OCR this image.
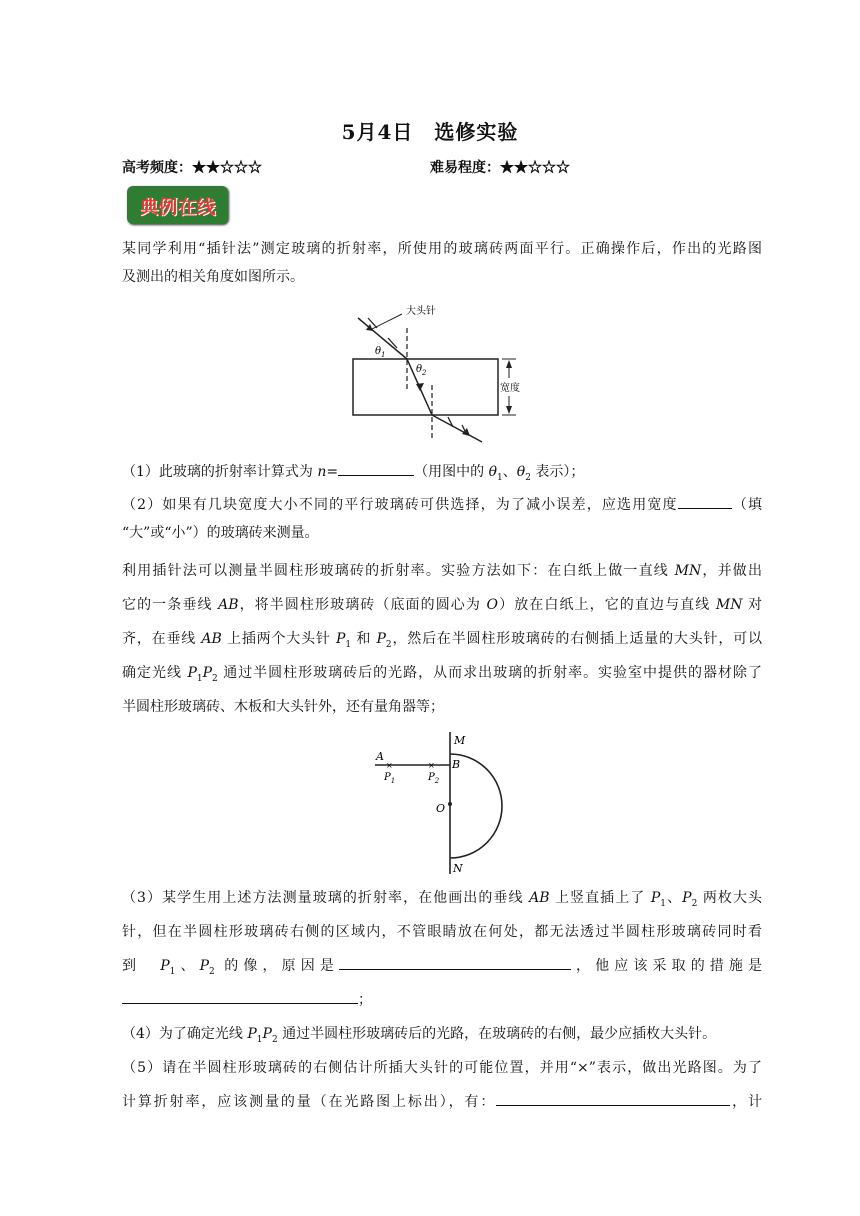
5月4日　选修实验
高考频度：★★☆☆☆	难易程度：★★☆☆☆
典例在线

某同学利用“插针法”测定玻璃的折射率，所使用的玻璃砖两面平行。正确操作后，作出的光路图

及测出的相关角度如图所示。

大头针
$\theta_1$
$\theta_2$
宽度

（1）此玻璃的折射率计算式为 n=	（用图中的 $\theta_1$、$\theta_2$ 表示）；

（2）如果有几块宽度大小不同的平行玻璃砖可供选择，为了减小误差，应选用宽度	（填

“大”或“小”）的玻璃砖来测量。

利用插针法可以测量半圆柱形玻璃砖的折射率。实验方法如下：在白纸上做一直线 MN，并做出

它的一条垂线 AB，将半圆柱形玻璃砖（底面的圆心为 O）放在白纸上，它的直边与直线 MN 对

齐，在垂线 AB 上插两个大头针 $P_1$ 和 $P_2$，然后在半圆柱形玻璃砖的右侧插上适量的大头针，可以

确定光线 $P_1P_2$ 通过半圆柱形玻璃砖后的光路，从而求出玻璃的折射率。实验室中提供的器材除了

半圆柱形玻璃砖、木板和大头针外，还有量角器等；

M
A
B
O
N
×	×
$P_1$	$P_2$

（3）某学生用上述方法测量玻璃的折射率，在他画出的垂线 AB 上竖直插上了 $P_1$、$P_2$ 两枚大头

针，但在半圆柱形玻璃砖右侧的区域内，不管眼睛放在何处，都无法透过半圆柱形玻璃砖同时看

到　$P_1$、$P_2$ 的像，原因是	，他应该采取的措施是

；

（4）为了确定光线 $P_1P_2$ 通过半圆柱形玻璃砖后的光路，在玻璃砖的右侧，最少应插枚大头针。

（5）请在半圆柱形玻璃砖的右侧估计所插大头针的可能位置，并用“×”表示，做出光路图。为了

计算折射率，应该测量的量（在光路图上标出），有：	，计
